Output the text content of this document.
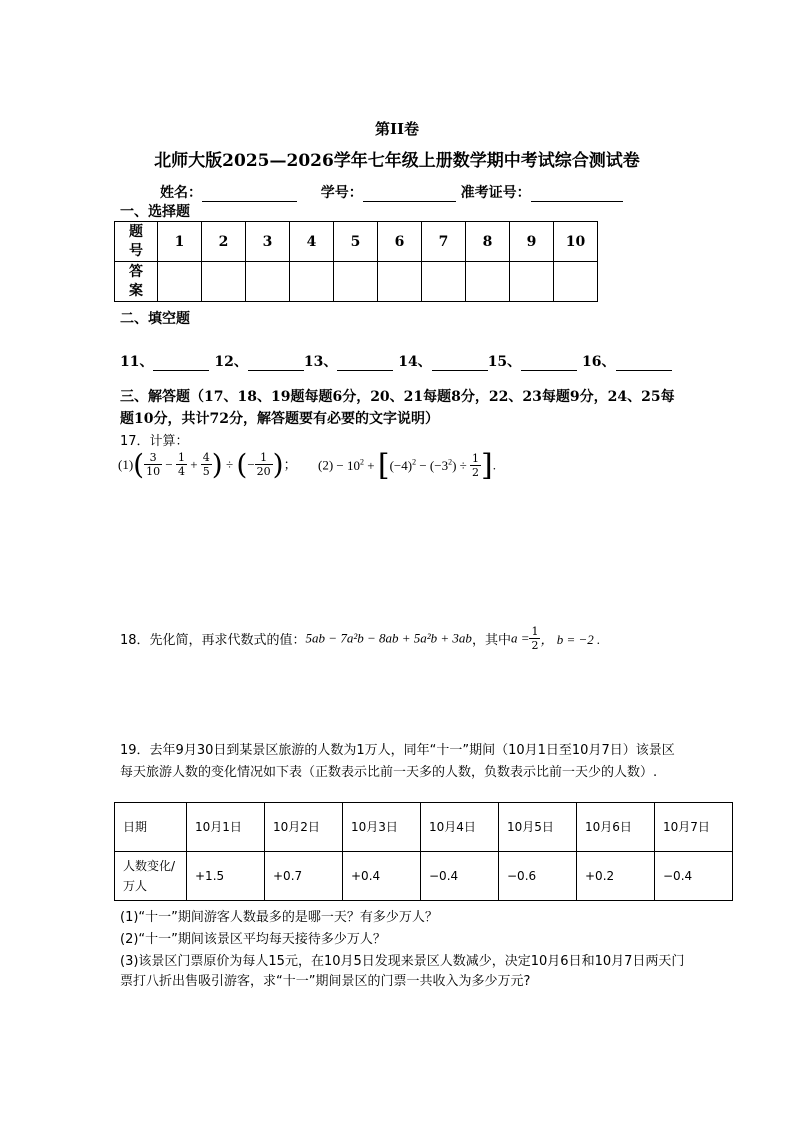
第II卷
北师大版2025—2026学年七年级上册数学期中考试综合测试卷
姓名：	学号：	准考证号：
一、选择题
题
号	1	2	3	4	5	6	7	8	9	10

答
案										

二、填空题
11、	12、	13、	14、	15、	16、
三、解答题（17、18、19题每题6分，20、21每题8分，22、23每题9分，24、25每题10分，共计72分，解答题要有必要的文字说明）
17．计算：
$(1)( \frac{3}{10} - \frac{1}{4} + \frac{4}{5}$ ) ÷ (− $\frac{1}{20}$ )； $(2) - 10^2 + [(-4)^2 - (-3^2) \div \frac{1}{2}$ ].
18．先化简，再求代数式的值：5ab − 7a²b − 8ab + 5a²b + 3ab，其中$a = \frac{1}{2}$ ， b = −2 .
19．去年9月30日到某景区旅游的人数为1万人，同年“十一”期间（10月1日至10月7日）该景区每天旅游人数的变化情况如下表（正数表示比前一天多的人数，负数表示比前一天少的人数）.
日期	10月1日	10月2日	10月3日	10月4日	10月5日	10月6日	10月7日
人数变化/万人	+1.5	+0.7	+0.4	−0.4	−0.6	+0.2	−0.4
(1)“十一”期间游客人数最多的是哪一天？有多少万人？
(2)“十一”期间该景区平均每天接待多少万人？
(3)该景区门票原价为每人15元，在10月5日发现来景区人数减少，决定10月6日和10月7日两天门票打八折出售吸引游客，求“十一”期间景区的门票一共收入为多少万元?
